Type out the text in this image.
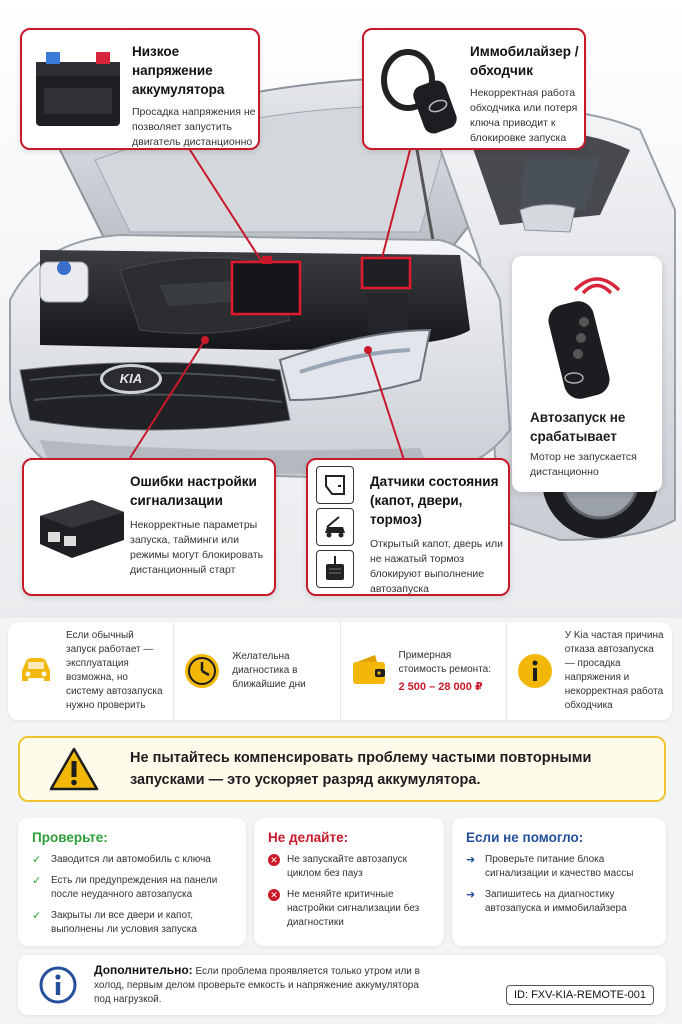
KIA
Низкое напряжение аккумулятора

Просадка напряжения не позволяет запустить двигатель дистанционно

Иммобилайзер / обходчик

Некорректная работа обходчика или потеря ключа приводит к блокировке запуска

Автозапуск не срабатывает

Мотор не запускается дистанционно

Ошибки настройки сигнализации

Некорректные параметры запуска, тайминги или режимы могут блокировать дистанционный старт

Датчики состояния (капот, двери, тормоз)

Открытый капот, дверь или не нажатый тормоз блокируют выполнение автозапуска

Если обычный запуск работает — эксплуатация возможна, но систему автозапуска нужно проверить
Желательна диагностика в ближайшие дни
Примерная стоимость ремонта:
2 500 – 28 000 ₽
У Kia частая причина отказа автозапуска — просадка напряжения и некорректная работа обходчика
Не пытайтесь компенсировать проблему частыми повторными запусками — это ускоряет разряд аккумулятора.
Проверьте:
✓ Заводится ли автомобиль с ключа
✓ Есть ли предупреждения на панели после неудачного автозапуска
✓ Закрыты ли все двери и капот, выполнены ли условия запуска
Не делайте:
✕ Не запускайте автозапуск циклом без пауз
✕ Не меняйте критичные настройки сигнализации без диагностики
Если не помогло:
➜ Проверьте питание блока сигнализации и качество массы
➜ Запишитесь на диагностику автозапуска и иммобилайзера
Дополнительно: Если проблема проявляется только утром или в холод, первым делом проверьте емкость и напряжение аккумулятора под нагрузкой.	ID: FXV-KIA-REMOTE-001
